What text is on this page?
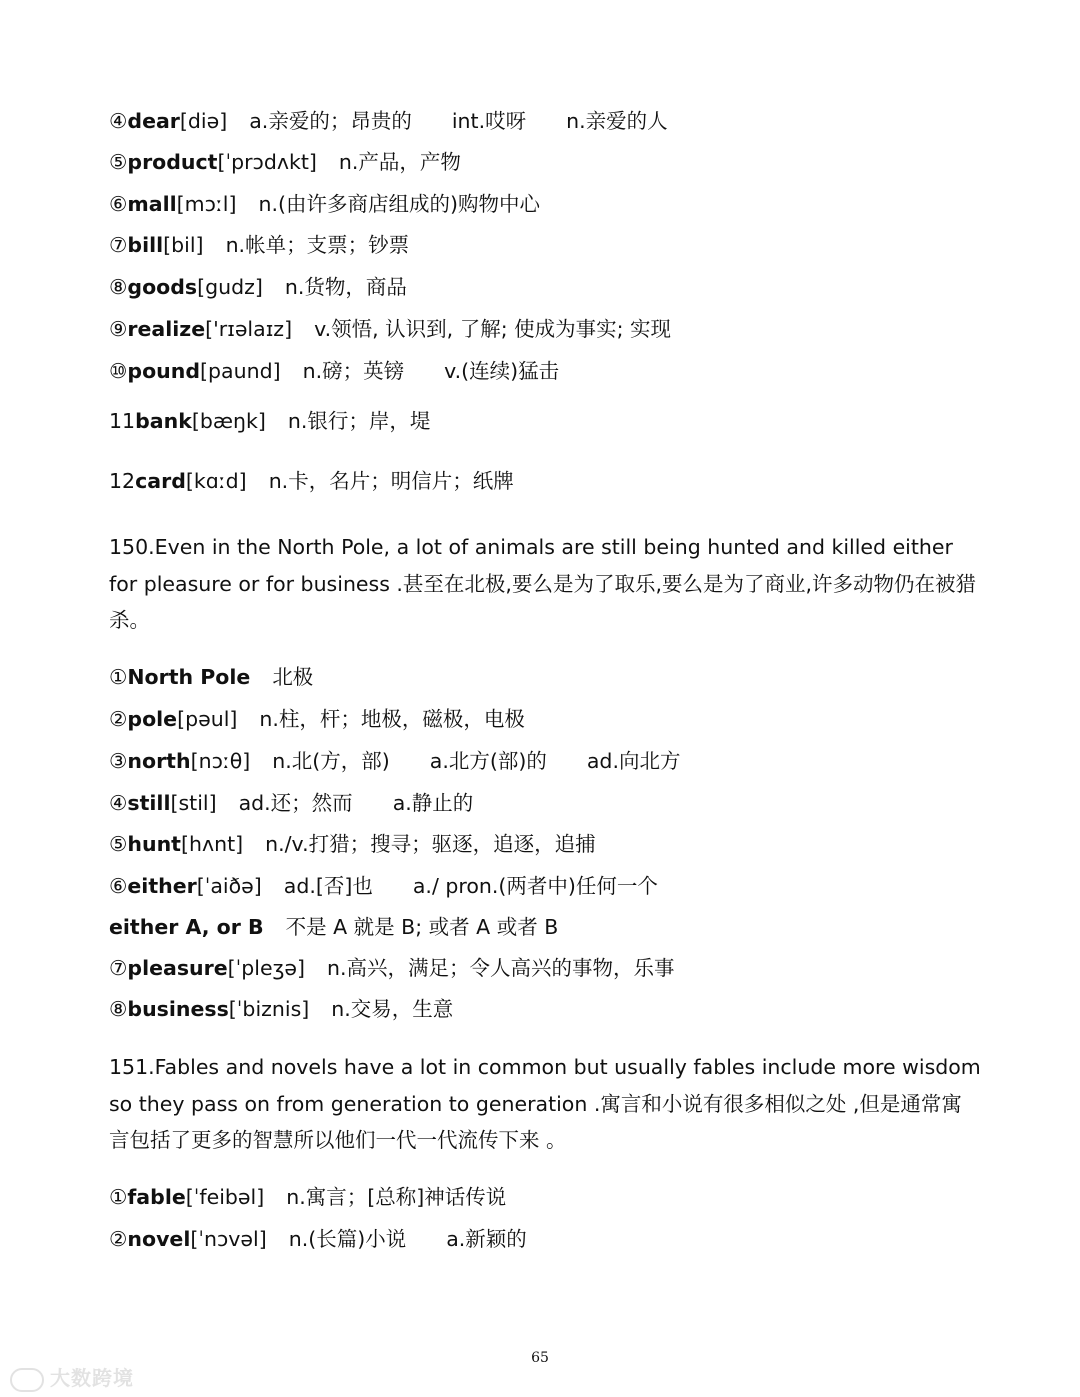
④dear[diə] a.亲爱的；昂贵的 int.哎呀 n.亲爱的人
⑤product[ˈprɔdʌkt] n.产品，产物
⑥mall[mɔːl] n.(由许多商店组成的)购物中心
⑦bill[bil] n.帐单；支票；钞票
⑧goods[gudz] n.货物，商品
⑨realize['rɪəlaɪz] v.领悟, 认识到, 了解; 使成为事实; 实现
⑩pound[paund] n.磅；英镑 v.(连续)猛击
11bank[bæŋk] n.银行；岸，堤
12card[kɑːd] n.卡，名片；明信片；纸牌
150.Even in the North Pole, a lot of animals are still being hunted and killed either for pleasure or for business .甚至在北极,要么是为了取乐,要么是为了商业,许多动物仍在被猎杀。
①North Pole 北极
②pole[pəul] n.柱，杆；地极，磁极，电极
③north[nɔːθ] n.北(方，部) a.北方(部)的 ad.向北方
④still[stil] ad.还；然而 a.静止的
⑤hunt[hʌnt] n./v.打猎；搜寻；驱逐，追逐，追捕
⑥either[ˈaiðə] ad.[否]也 a./ pron.(两者中)任何一个
either A, or B 不是 A 就是 B; 或者 A 或者 B
⑦pleasure[ˈpleʒə] n.高兴，满足；令人高兴的事物，乐事
⑧business[ˈbiznis] n.交易，生意
151.Fables and novels have a lot in common but usually fables include more wisdom so they pass on from generation to generation .寓言和小说有很多相似之处 ,但是通常寓言包括了更多的智慧所以他们一代一代流传下来 。
①fable[ˈfeibəl] n.寓言；[总称]神话传说
②novel[ˈnɔvəl] n.(长篇)小说 a.新颖的
65
大数跨境
